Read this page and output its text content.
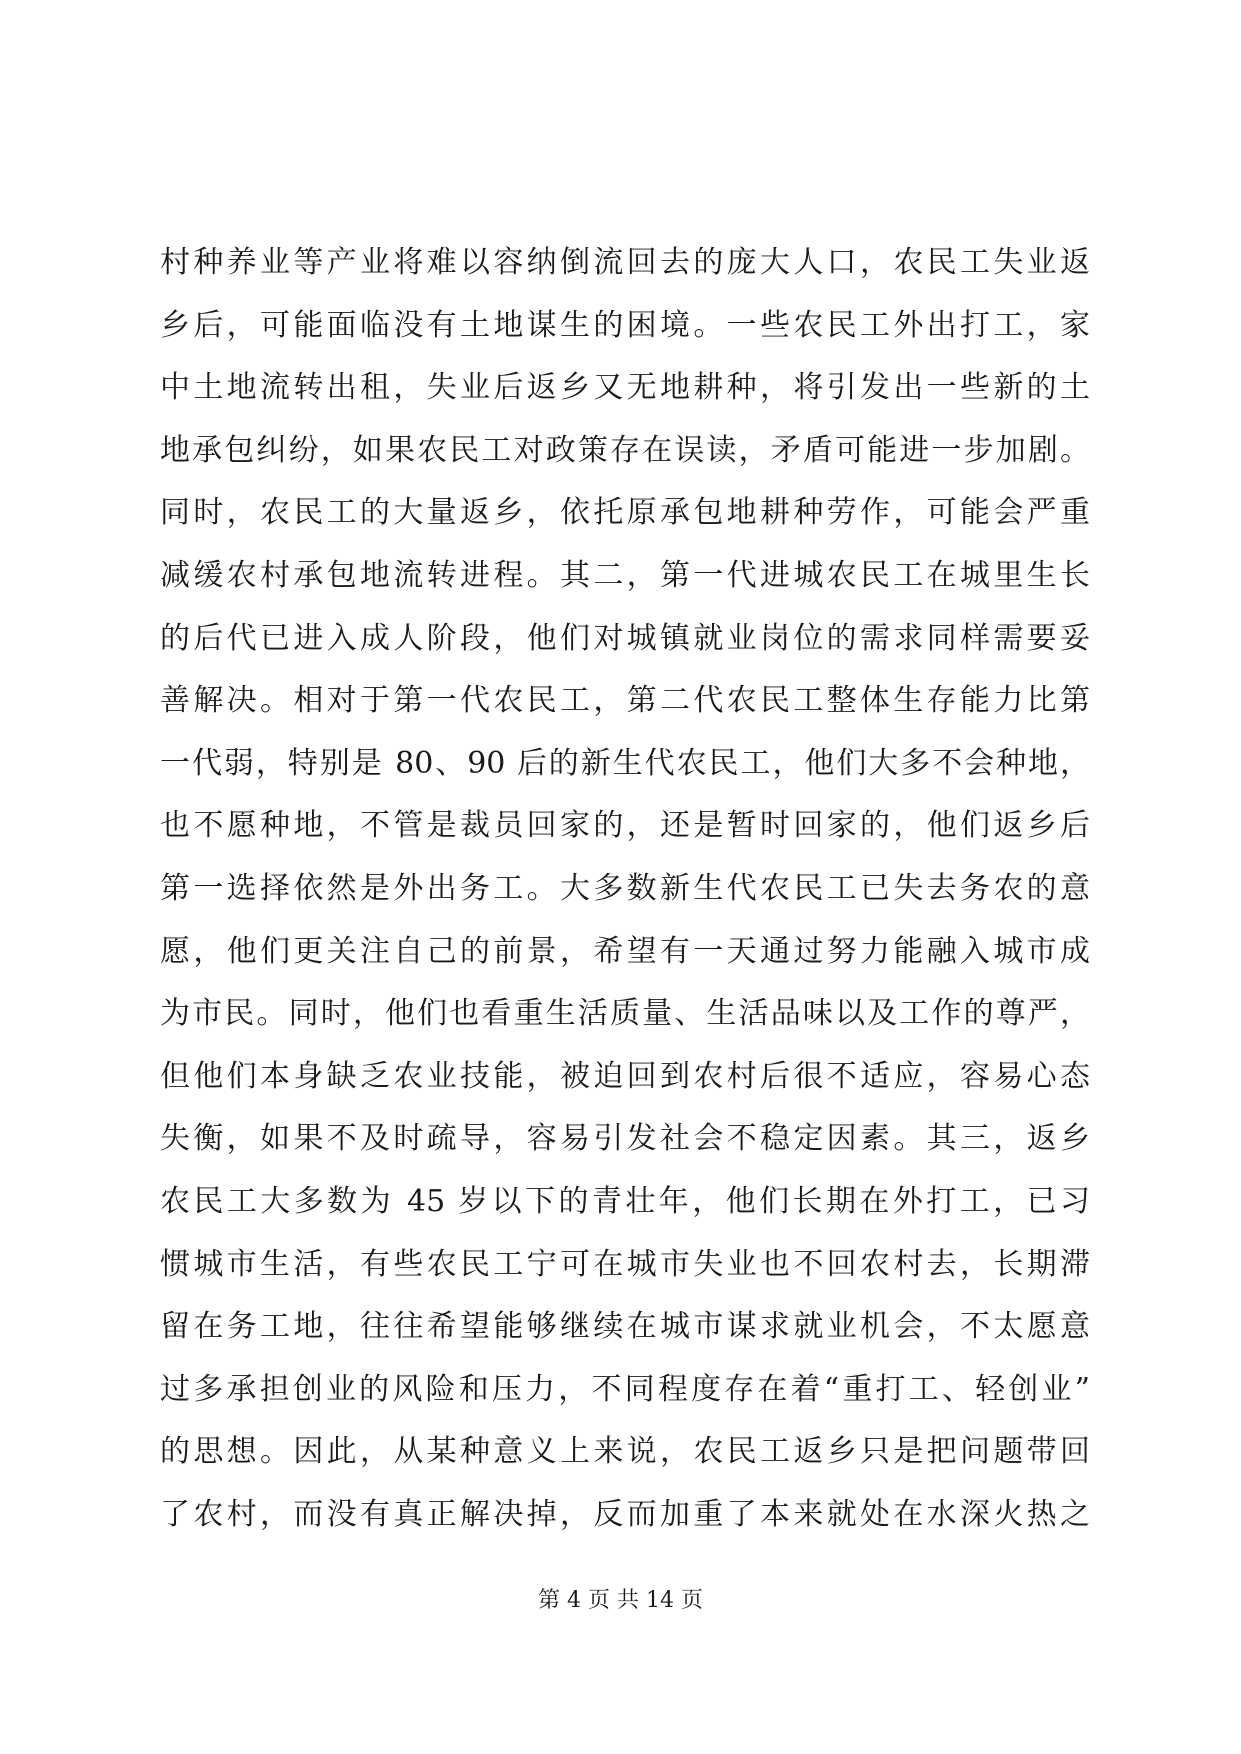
村种养业等产业将难以容纳倒流回去的庞大人口，农民工失业返
乡后，可能面临没有土地谋生的困境。一些农民工外出打工，家
中土地流转出租，失业后返乡又无地耕种，将引发出一些新的土
地承包纠纷，如果农民工对政策存在误读，矛盾可能进一步加剧。
同时，农民工的大量返乡，依托原承包地耕种劳作，可能会严重
减缓农村承包地流转进程。其二，第一代进城农民工在城里生长
的后代已进入成人阶段，他们对城镇就业岗位的需求同样需要妥
善解决。相对于第一代农民工，第二代农民工整体生存能力比第
一代弱，特别是 80、90 后的新生代农民工，他们大多不会种地，
也不愿种地，不管是裁员回家的，还是暂时回家的，他们返乡后
第一选择依然是外出务工。大多数新生代农民工已失去务农的意
愿，他们更关注自己的前景，希望有一天通过努力能融入城市成
为市民。同时，他们也看重生活质量、生活品味以及工作的尊严，
但他们本身缺乏农业技能，被迫回到农村后很不适应，容易心态
失衡，如果不及时疏导，容易引发社会不稳定因素。其三，返乡
农民工大多数为 45 岁以下的青壮年，他们长期在外打工，已习
惯城市生活，有些农民工宁可在城市失业也不回农村去，长期滞
留在务工地，往往希望能够继续在城市谋求就业机会，不太愿意
过多承担创业的风险和压力，不同程度存在着“重打工、轻创业”
的思想。因此，从某种意义上来说，农民工返乡只是把问题带回
了农村，而没有真正解决掉，反而加重了本来就处在水深火热之
第 4 页 共 14 页
